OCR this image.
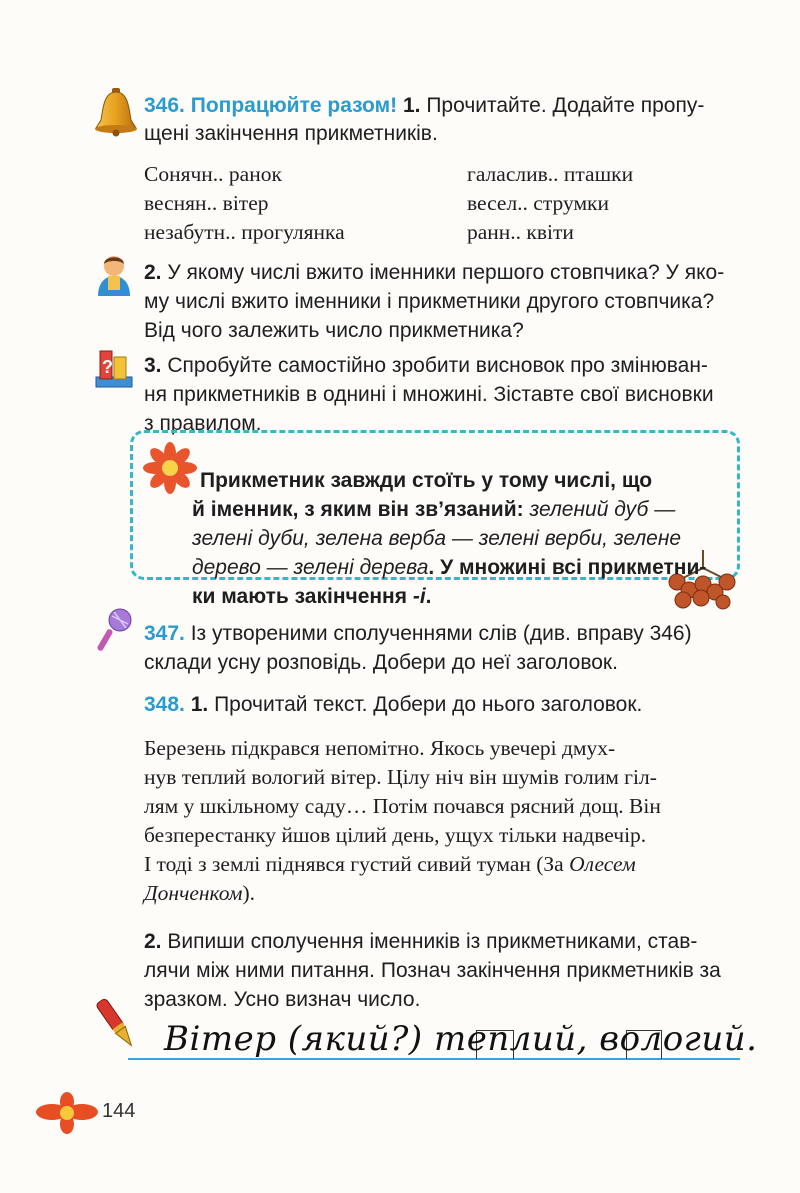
346. Попрацюйте разом! 1. Прочитайте. Додайте пропу-

щені закінчення прикметників.

Сонячн.. ранок
веснян.. вітер
незабутн.. прогулянка
галаслив.. пташки
весел.. струмки
ранн.. квіти

2. У якому числі вжито іменники першого стовпчика? У яко-

му числі вжито іменники і прикметники другого стовпчика?

Від чого залежить число прикметника?

? 3. Спробуйте самостійно зробити висновок про змінюван-

ня прикметників в однині і множині. Зіставте свої висновки

з правилом.

Прикметник завжди стоїть у тому числі, що

й іменник, з яким він зв’язаний: зелений дуб —

зелені дуби, зелена верба — зелені верби, зелене

дерево — зелені дерева. У множині всі прикметни-

ки мають закінчення -і.

347. Із утвореними сполученнями слів (див. вправу 346)

склади усну розповідь. Добери до неї заголовок.

348. 1. Прочитай текст. Добери до нього заголовок.

Березень підкрався непомітно. Якось увечері дмух-
нув теплий вологий вітер. Цілу ніч він шумів голим гіл-
лям у шкільному саду… Потім почався рясний дощ. Він
безперестанку йшов цілий день, ущух тільки надвечір.
І тоді з землі піднявся густий сивий туман (За Олесем
Донченком).

2. Випиши сполучення іменників із прикметниками, став-

лячи між ними питання. Познач закінчення прикметників за

зразком. Усно визнач число.

Вітер (який?) теплий, вологий.
144
